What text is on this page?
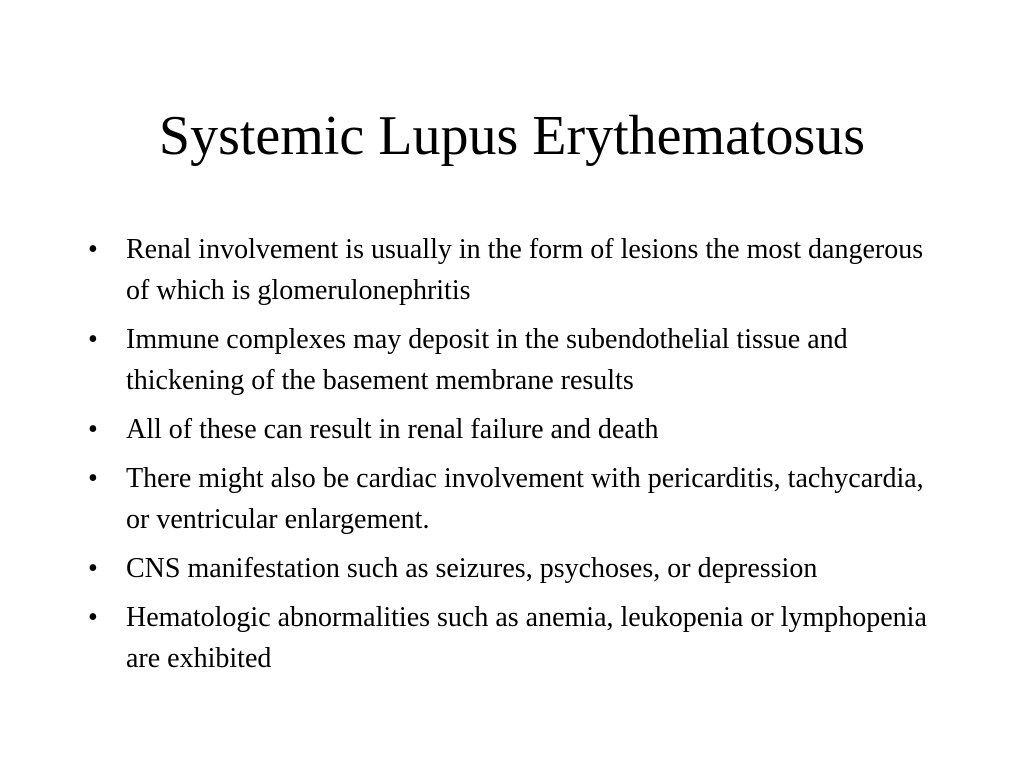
Systemic Lupus Erythematosus
•	Renal involvement is usually in the form of lesions the most dangerous of which is glomerulonephritis
•	Immune complexes may deposit in the subendothelial tissue and thickening of the basement membrane results
•	All of these can result in renal failure and death
•	There might also be cardiac involvement with pericarditis, tachycardia, or ventricular enlargement.
•	CNS manifestation such as seizures, psychoses, or depression
•	Hematologic abnormalities such as anemia, leukopenia or lymphopenia are exhibited
